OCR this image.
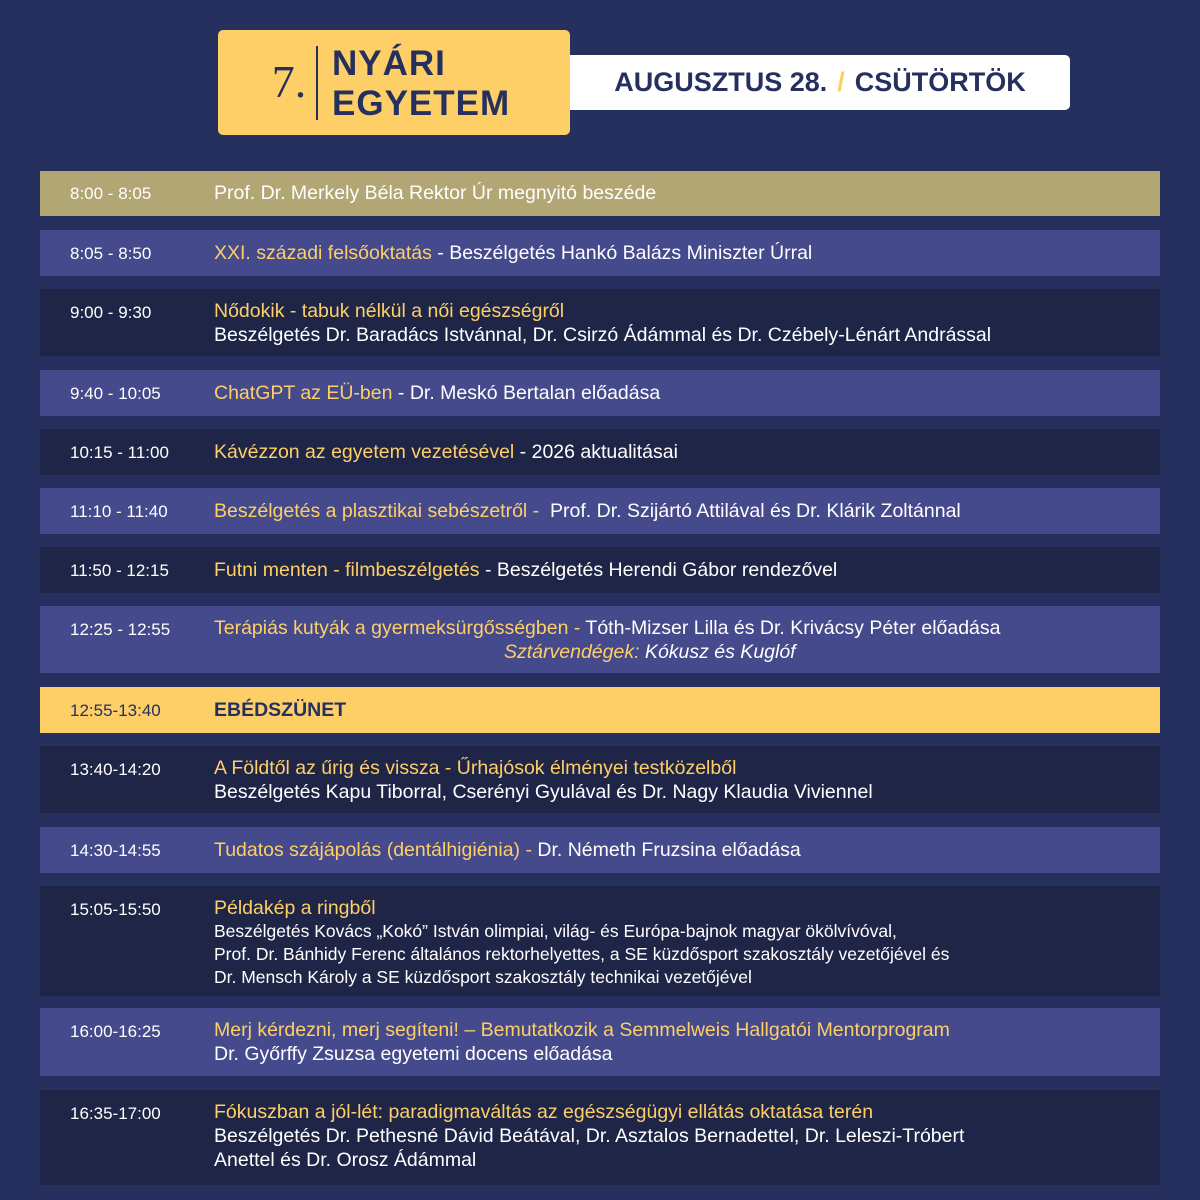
7. NYÁRI
EGYETEM
AUGUSZTUS 28. / CSÜTÖRTÖK
8:00 - 8:05	Prof. Dr. Merkely Béla Rektor Úr megnyitó beszéde
8:05 - 8:50	XXI. századi felsőoktatás - Beszélgetés Hankó Balázs Miniszter Úrral
9:00 - 9:30	Nődokik - tabuk nélkül a női egészségről
Beszélgetés Dr. Baradács Istvánnal, Dr. Csirzó Ádámmal és Dr. Czébely-Lénárt Andrással
9:40 - 10:05	ChatGPT az EÜ-ben - Dr. Meskó Bertalan előadása
10:15 - 11:00 Kávézzon az egyetem vezetésével - 2026 aktualitásai
11:10 - 11:40 Beszélgetés a plasztikai sebészetről -  Prof. Dr. Szijártó Attilával és Dr. Klárik Zoltánnal
11:50 - 12:15 Futni menten - filmbeszélgetés - Beszélgetés Herendi Gábor rendezővel
12:25 - 12:55 Terápiás kutyák a gyermeksürgősségben - Tóth-Mizser Lilla és Dr. Krivácsy Péter előadása
Sztárvendégek: Kókusz és Kuglóf
12:55-13:40	EBÉDSZÜNET
13:40-14:20	A Földtől az űrig és vissza - Űrhajósok élményei testközelből
Beszélgetés Kapu Tiborral, Cserényi Gyulával és Dr. Nagy Klaudia Viviennel
14:30-14:55	Tudatos szájápolás (dentálhigiénia) - Dr. Németh Fruzsina előadása
15:05-15:50	Példakép a ringből
Beszélgetés Kovács „Kokó” István olimpiai, világ- és Európa-bajnok magyar ökölvívóval,
Prof. Dr. Bánhidy Ferenc általános rektorhelyettes, a SE küzdősport szakosztály vezetőjével és
Dr. Mensch Károly a SE küzdősport szakosztály technikai vezetőjével
16:00-16:25	Merj kérdezni, merj segíteni! – Bemutatkozik a Semmelweis Hallgatói Mentorprogram
Dr. Győrffy Zsuzsa egyetemi docens előadása
16:35-17:00	Fókuszban a jól-lét: paradigmaváltás az egészségügyi ellátás oktatása terén
Beszélgetés Dr. Pethesné Dávid Beátával, Dr. Asztalos Bernadettel, Dr. Leleszi-Tróbert
Anettel és Dr. Orosz Ádámmal
